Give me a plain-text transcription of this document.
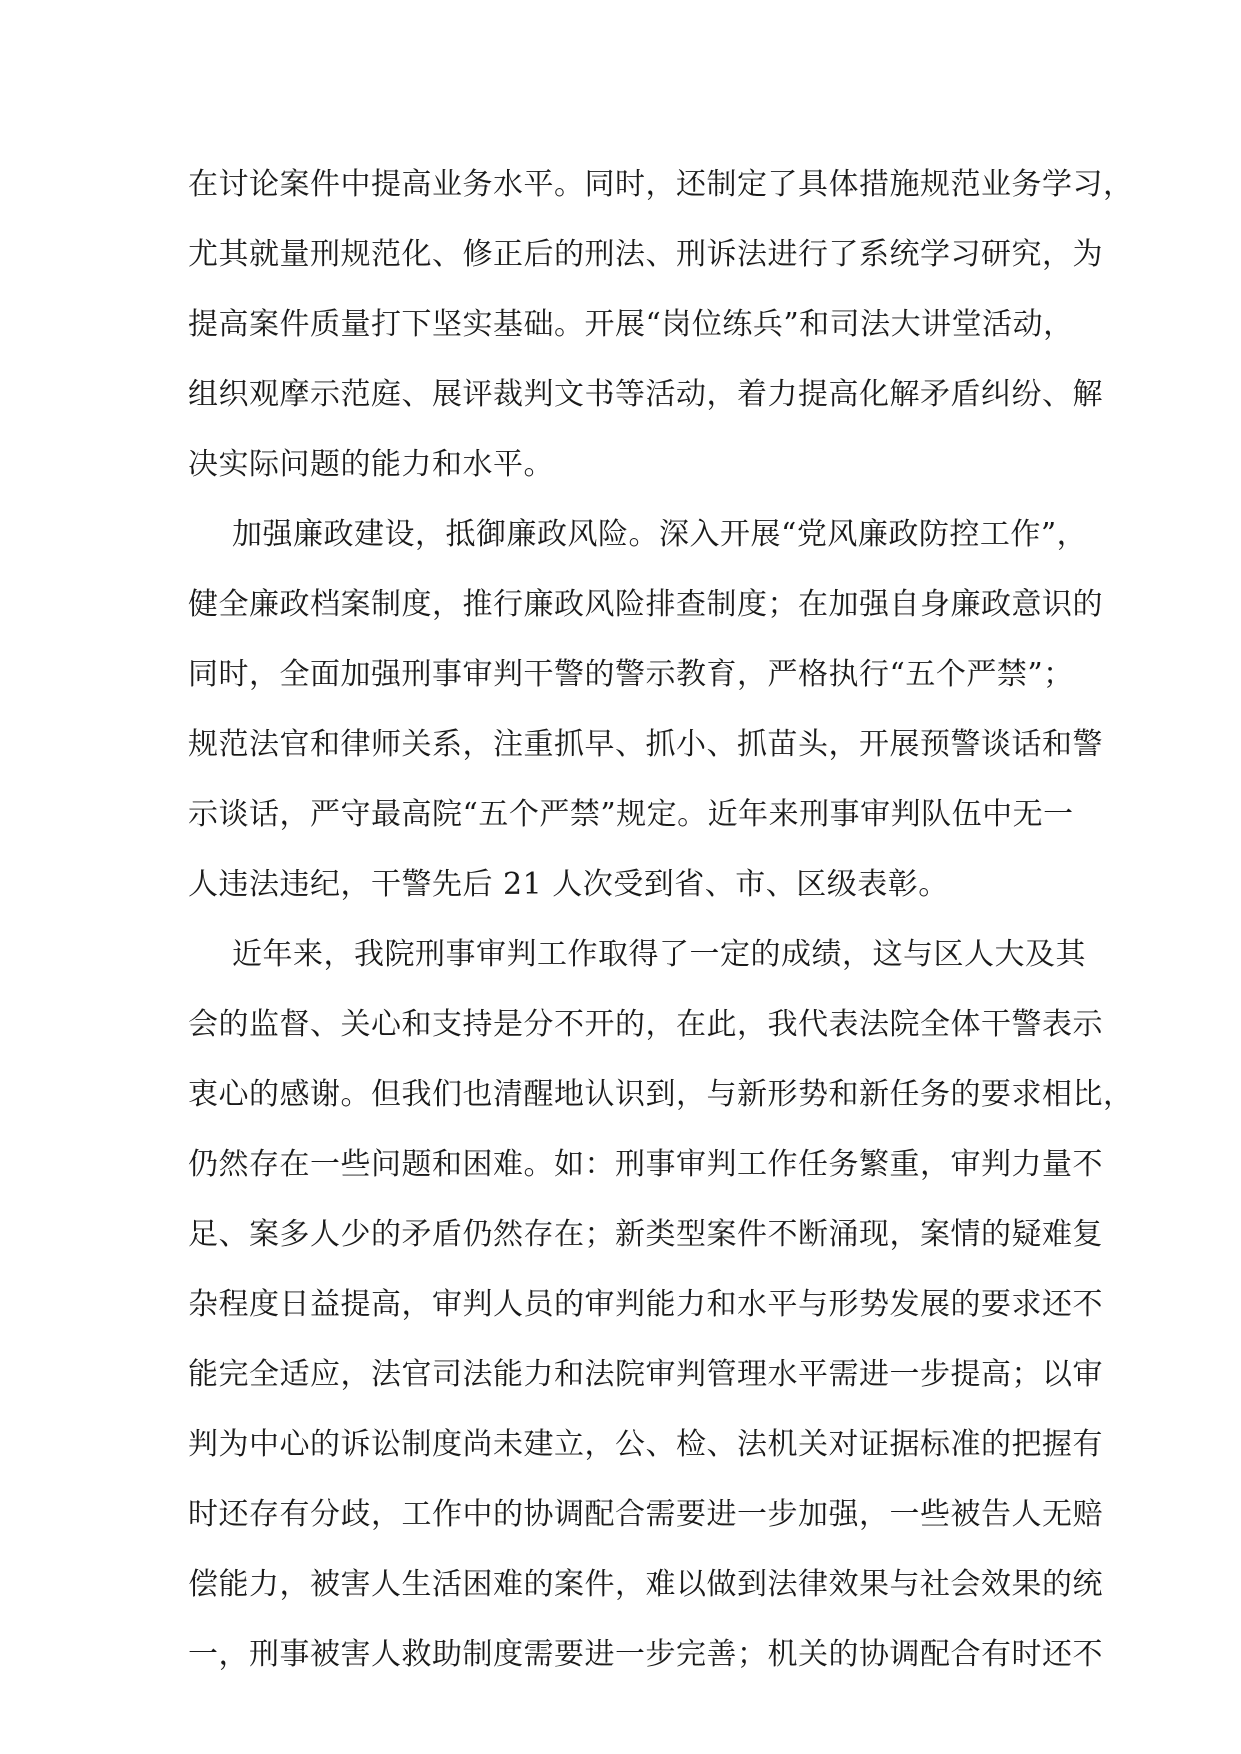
在讨论案件中提高业务水平。同时，还制定了具体措施规范业务学习，
尤其就量刑规范化、修正后的刑法、刑诉法进行了系统学习研究，为
提高案件质量打下坚实基础。开展“岗位练兵”和司法大讲堂活动，
组织观摩示范庭、展评裁判文书等活动，着力提高化解矛盾纠纷、解
决实际问题的能力和水平。
加强廉政建设，抵御廉政风险。深入开展“党风廉政防控工作”，
健全廉政档案制度，推行廉政风险排查制度；在加强自身廉政意识的
同时，全面加强刑事审判干警的警示教育，严格执行“五个严禁”；
规范法官和律师关系，注重抓早、抓小、抓苗头，开展预警谈话和警
示谈话，严守最高院“五个严禁”规定。近年来刑事审判队伍中无一
人违法违纪，干警先后 21 人次受到省、市、区级表彰。
近年来，我院刑事审判工作取得了一定的成绩，这与区人大及其
会的监督、关心和支持是分不开的，在此，我代表法院全体干警表示
衷心的感谢。但我们也清醒地认识到，与新形势和新任务的要求相比，
仍然存在一些问题和困难。如：刑事审判工作任务繁重，审判力量不
足、案多人少的矛盾仍然存在；新类型案件不断涌现，案情的疑难复
杂程度日益提高，审判人员的审判能力和水平与形势发展的要求还不
能完全适应，法官司法能力和法院审判管理水平需进一步提高；以审
判为中心的诉讼制度尚未建立，公、检、法机关对证据标准的把握有
时还存有分歧，工作中的协调配合需要进一步加强，一些被告人无赔
偿能力，被害人生活困难的案件，难以做到法律效果与社会效果的统
一，刑事被害人救助制度需要进一步完善；机关的协调配合有时还不
